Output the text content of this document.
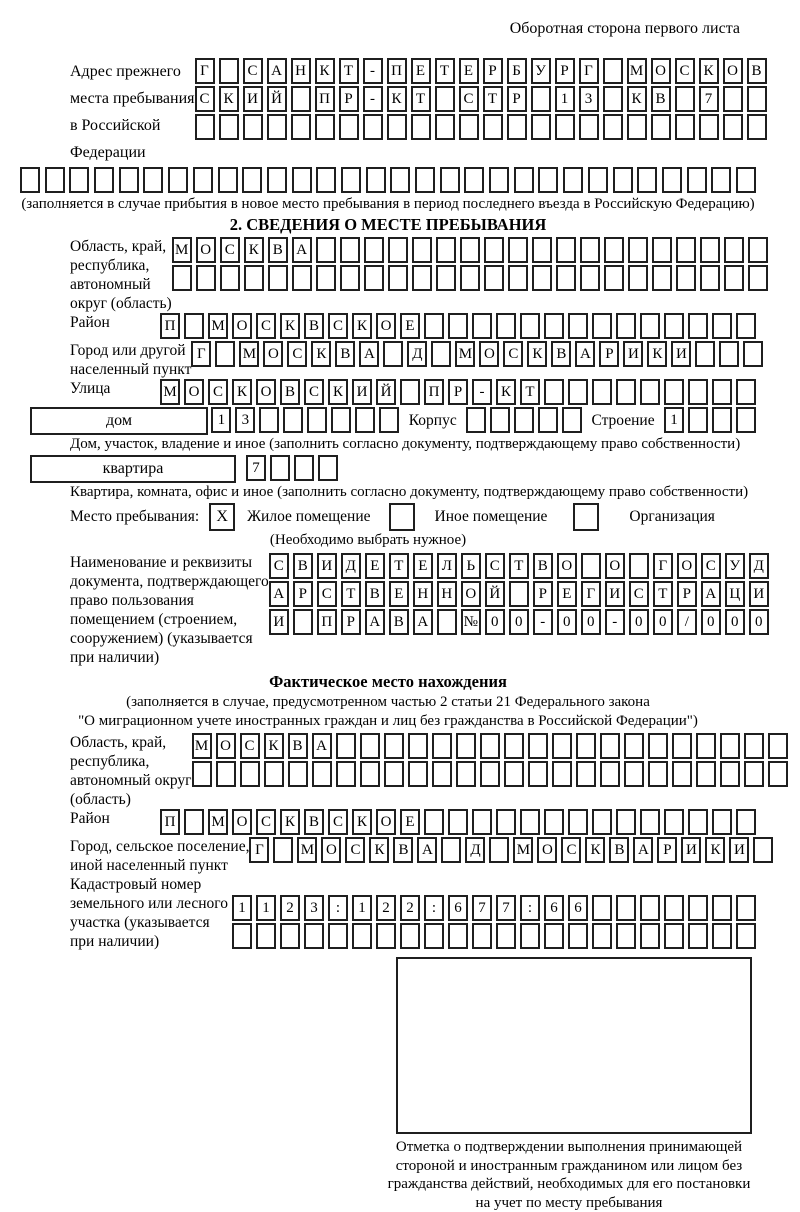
Оборотная сторона первого листа
Адрес прежнего
места пребывания
в Российской
Федерации
Г	С А Н К Т	-	П Е Т Е	Р	Б У Р	Г	М О С К О В
С К И Й	П Р	-	К Т	С Т	Р	1	3	К В	7
(заполняется в случае прибытия в новое место пребывания в период последнего въезда в Российскую Федерацию)
2. СВЕДЕНИЯ О МЕСТЕ ПРЕБЫВАНИЯ
Область, край,
республика,
автономный
округ (область)
М О С К В А
Район	П	М О С К В С К О Е
Город или другой
населенный пункт
Г	М О С К В А	Д	М О С К В А Р И К И
Улица	М О С К О В С К И Й	П Р	-	К Т
дом	1	3	Корпус	Строение	1
Дом, участок, владение и иное (заполнить согласно документу, подтверждающему право собственности)
квартира	7
Квартира, комната, офис и иное (заполнить согласно документу, подтверждающему право собственности)
Место пребывания:	X	Жилое помещение	Иное помещение	Организация
(Необходимо выбрать нужное)
Наименование и реквизиты
документа, подтверждающего
право пользования
помещением (строением,
сооружением) (указывается
при наличии)
С В И Д Е Т Е Л Ь С Т В О	О	Г О С У Д
А Р С Т В Е Н Н О Й	Р	Е	Г И С Т	Р А Ц И
И	П Р А В А	№ 0	0	-	0	0	-	0	0	/	0	0	0
Фактическое место нахождения
(заполняется в случае, предусмотренном частью 2 статьи 21 Федерального закона
"О миграционном учете иностранных граждан и лиц без гражданства в Российской Федерации")
Область, край,
республика,
автономный округ
(область)
М О С К В А
Район	П	М О С К В С К О Е
Город, сельское поселение,
иной населенный пункт
Г	М О С К В А	Д	М О С К В А Р И К И
Кадастровый номер
земельного или лесного
участка (указывается
при наличии)
1	1	2	3	:	1	2	2	:	6	7	7	:	6	6
Отметка о подтверждении выполнения принимающей
стороной и иностранным гражданином или лицом без
гражданства действий, необходимых для его постановки
на учет по месту пребывания
